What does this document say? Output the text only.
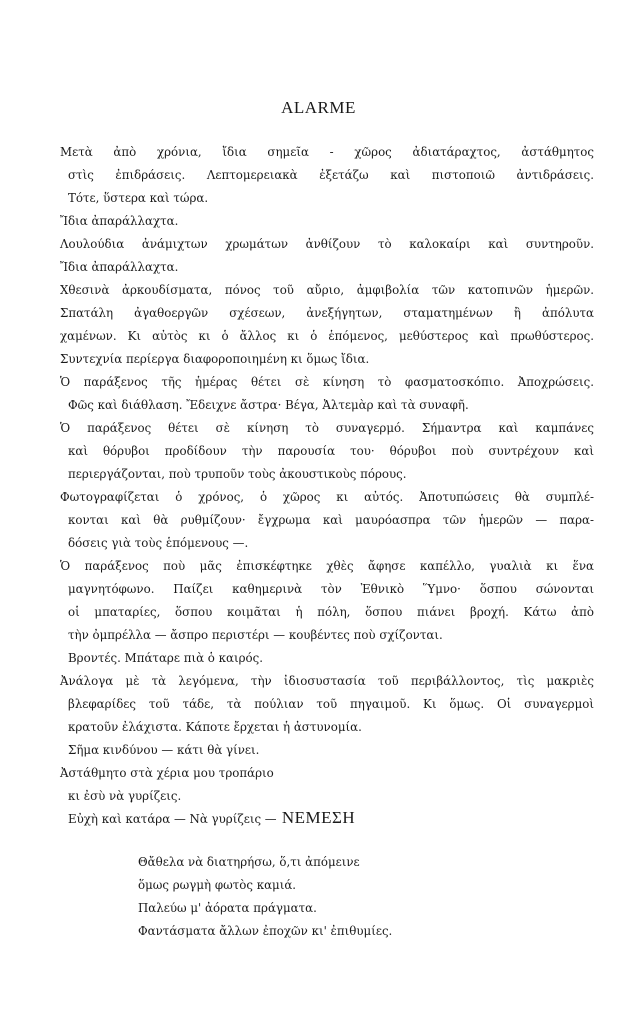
ALARME
Μετὰ ἀπὸ χρόνια, ἴδια σημεῖα - χῶρος ἀδιατάραχτος, ἀστάθμητος
στὶς ἐπιδράσεις. Λεπτομερειακὰ ἐξετάζω καὶ πιστοποιῶ ἀντιδράσεις.
Τότε, ὕστερα καὶ τώρα.
Ἴδια ἀπαράλλαχτα.
Λουλούδια ἀνάμιχτων χρωμάτων ἀνθίζουν τὸ καλοκαίρι καὶ συντηροῦν.
Ἴδια ἀπαράλλαχτα.
Χθεσινὰ ἀρκουδίσματα, πόνος τοῦ αὔριο, ἀμφιβολία τῶν κατοπινῶν ἡμερῶν.
Σπατάλη ἀγαθοεργῶν σχέσεων, ἀνεξήγητων, σταματημένων ἢ ἀπόλυτα
χαμένων. Κι αὐτὸς κι ὁ ἄλλος κι ὁ ἑπόμενος, μεθύστερος καὶ πρωθύστερος.
Συντεχνία περίεργα διαφοροποιημένη κι ὅμως ἴδια.
Ὁ παράξενος τῆς ἡμέρας θέτει σὲ κίνηση τὸ φασματοσκόπιο. Ἀποχρώσεις.
Φῶς καὶ διάθλαση. Ἔδειχνε ἄστρα· Βέγα, Ἀλτεμὰρ καὶ τὰ συναφῆ.
Ὁ παράξενος θέτει σὲ κίνηση τὸ συναγερμό. Σήμαντρα καὶ καμπάνες
καὶ θόρυβοι προδίδουν τὴν παρουσία του· θόρυβοι ποὺ συντρέχουν καὶ
περιεργάζονται, ποὺ τρυποῦν τοὺς ἀκουστικοὺς πόρους.
Φωτογραφίζεται ὁ χρόνος, ὁ χῶρος κι αὐτός. Ἀποτυπώσεις θὰ συμπλέ-
κονται καὶ θὰ ρυθμίζουν· ἔγχρωμα καὶ μαυρόασπρα τῶν ἡμερῶν — παρα-
δόσεις γιὰ τοὺς ἑπόμενους —.
Ὁ παράξενος ποὺ μᾶς ἐπισκέφτηκε χθὲς ἄφησε καπέλλο, γυαλιὰ κι ἕνα
μαγνητόφωνο. Παίζει καθημερινὰ τὸν Ἐθνικὸ Ὕμνο· ὅσπου σώνονται
οἱ μπαταρίες, ὅσπου κοιμᾶται ἡ πόλη, ὅσπου πιάνει βροχή. Κάτω ἀπὸ
τὴν ὀμπρέλλα — ἄσπρο περιστέρι — κουβέντες ποὺ σχίζονται.
Βροντές. Μπάταρε πιὰ ὁ καιρός.
Ἀνάλογα μὲ τὰ λεγόμενα, τὴν ἰδιοσυστασία τοῦ περιβάλλοντος, τὶς μακριὲς
βλεφαρίδες τοῦ τάδε, τὰ πούλιαν τοῦ πηγαιμοῦ. Κι ὅμως. Οἱ συναγερμοὶ
κρατοῦν ἐλάχιστα. Κάποτε ἔρχεται ἡ ἀστυνομία.
Σῆμα κινδύνου — κάτι θὰ γίνει.
Ἀστάθμητο στὰ χέρια μου τροπάριο
κι ἐσὺ νὰ γυρίζεις.
Εὐχὴ καὶ κατάρα — Νὰ γυρίζεις — ΝΕΜΕΣΗ
Θἄθελα νὰ διατηρήσω, ὅ,τι ἀπόμεινε
ὅμως ρωγμὴ φωτὸς καμιά.
Παλεύω μ' ἀόρατα πράγματα.
Φαντάσματα ἄλλων ἐποχῶν κι' ἐπιθυμίες.
